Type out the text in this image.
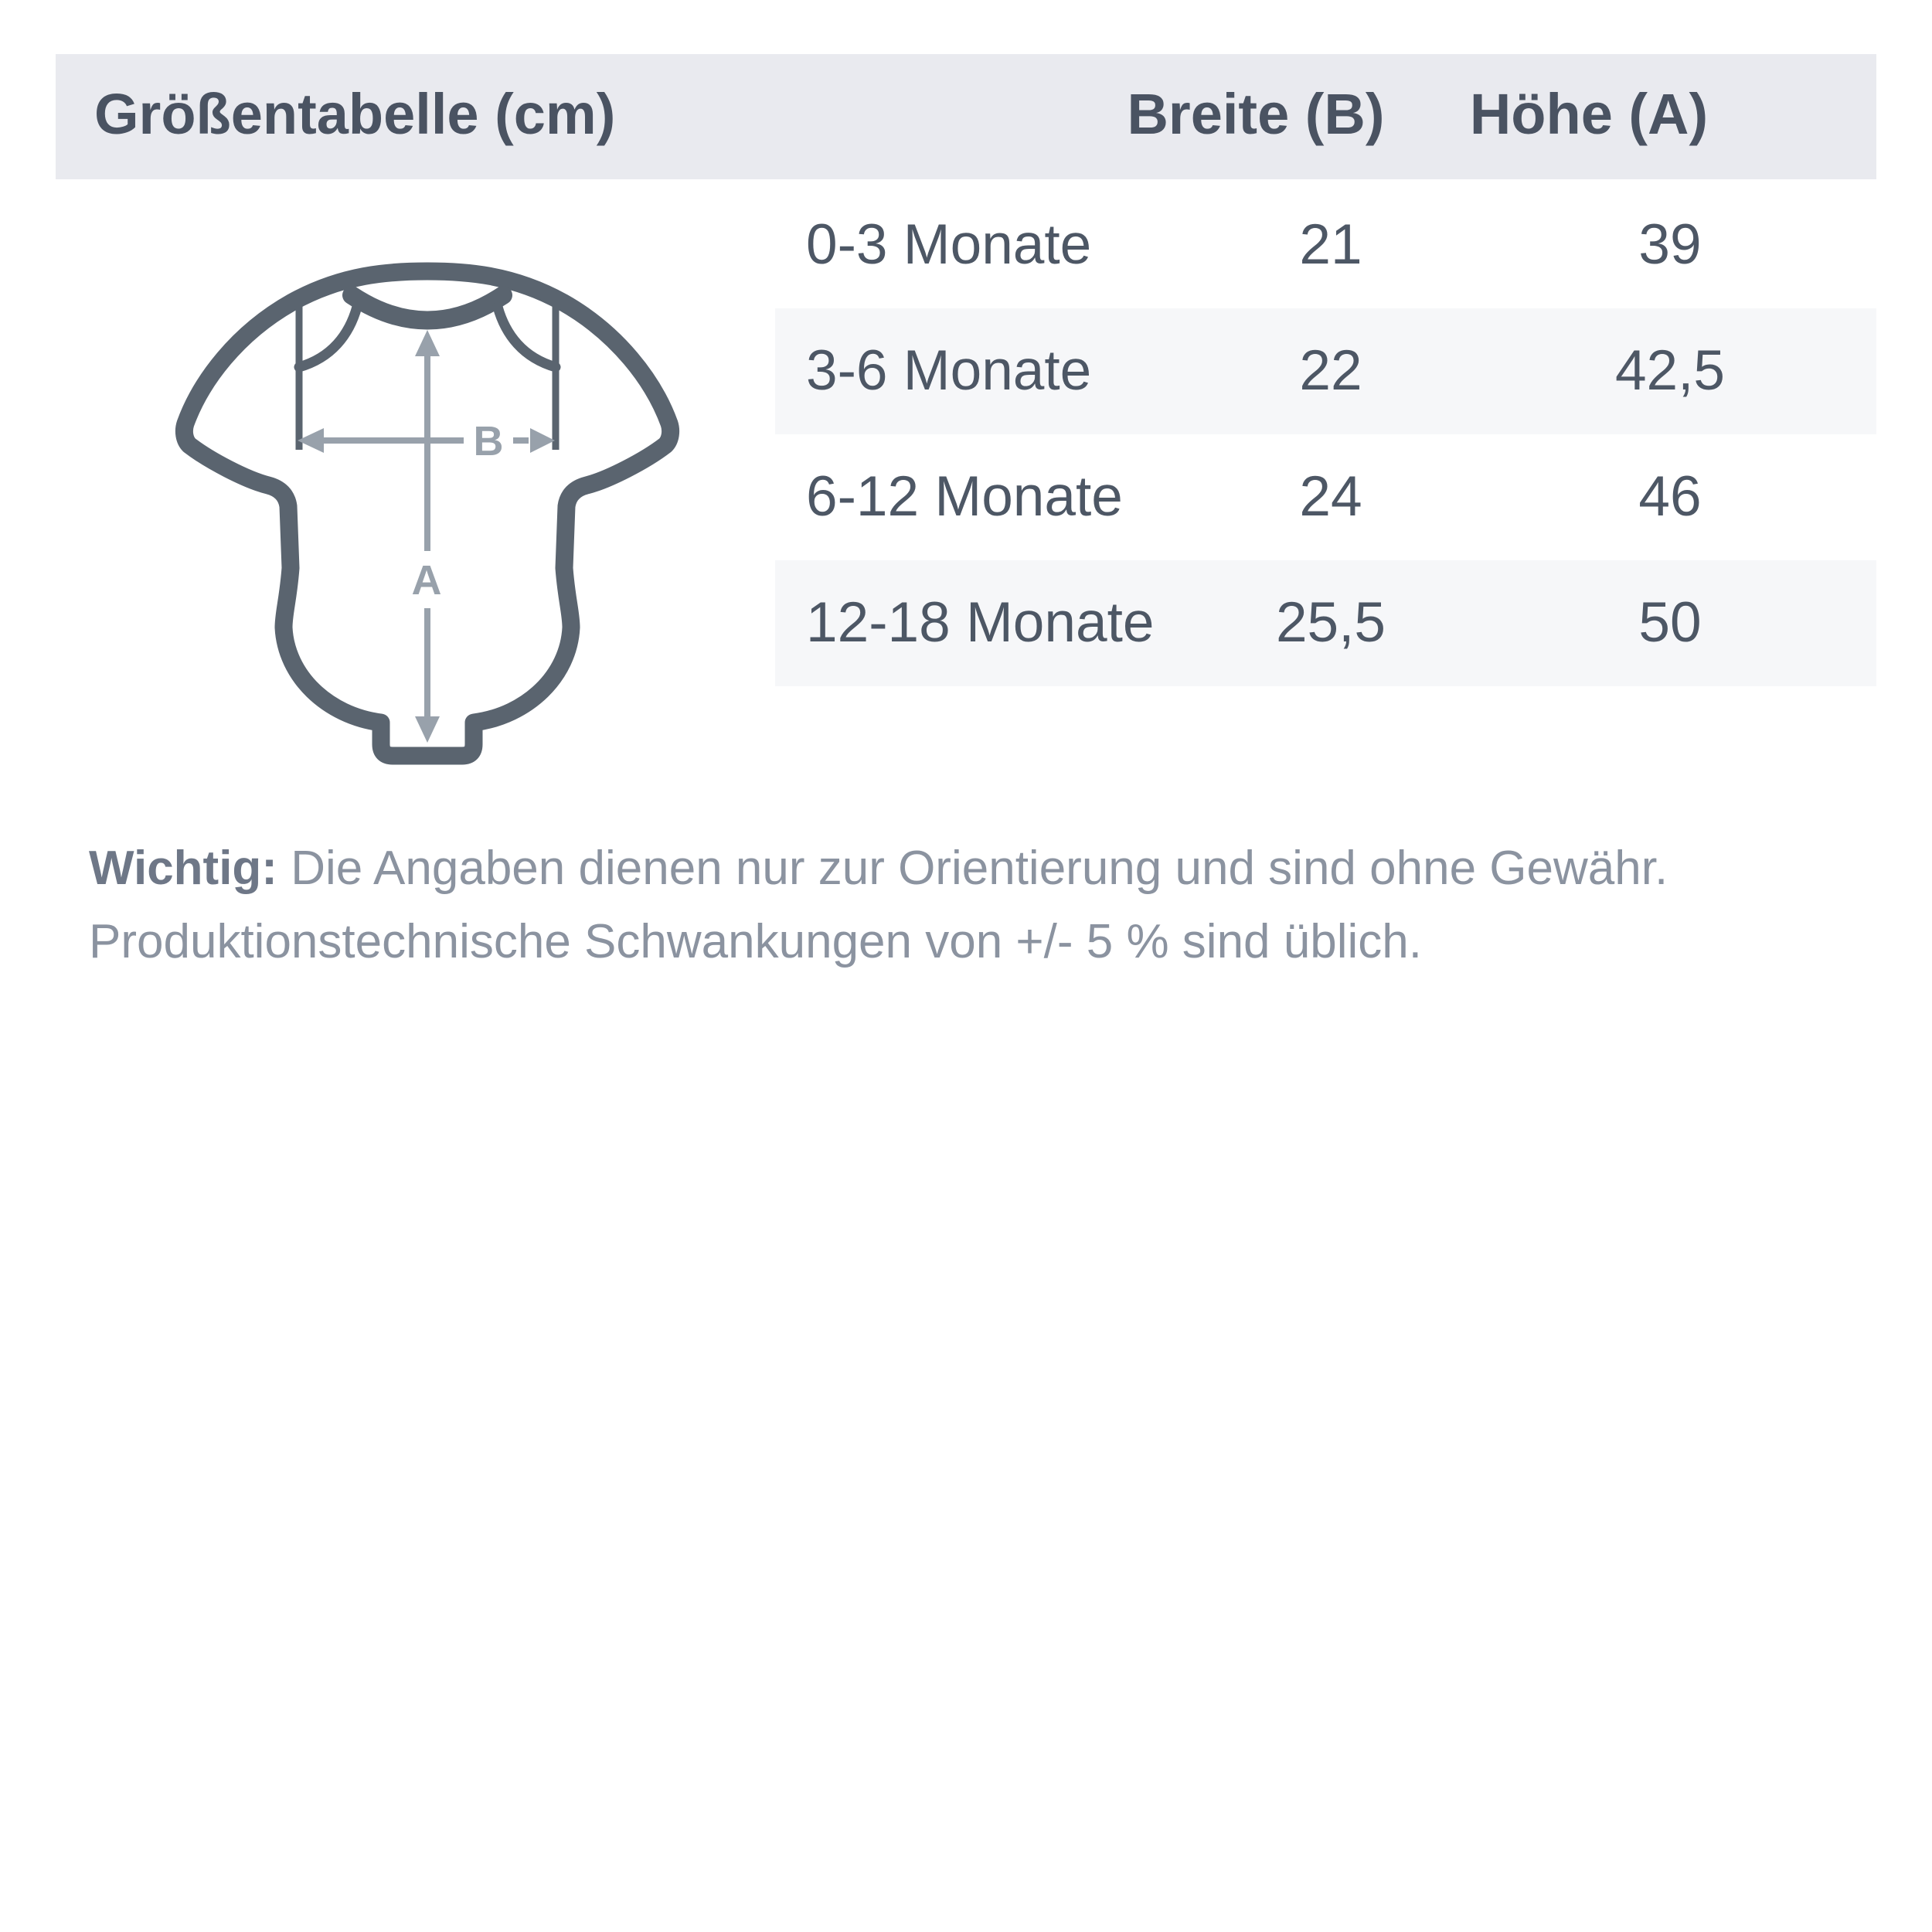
Größentabelle (cm)	Breite (B) Höhe (A)
0-3 Monate	21	39
3-6 Monate	22	42,5
6-12 Monate	24	46
12-18 Monate 25,5	50
B
A
Wichtig: Die Angaben dienen nur zur Orientierung und sind ohne Gewähr.
Produktionstechnische Schwankungen von +/- 5 % sind üblich.
